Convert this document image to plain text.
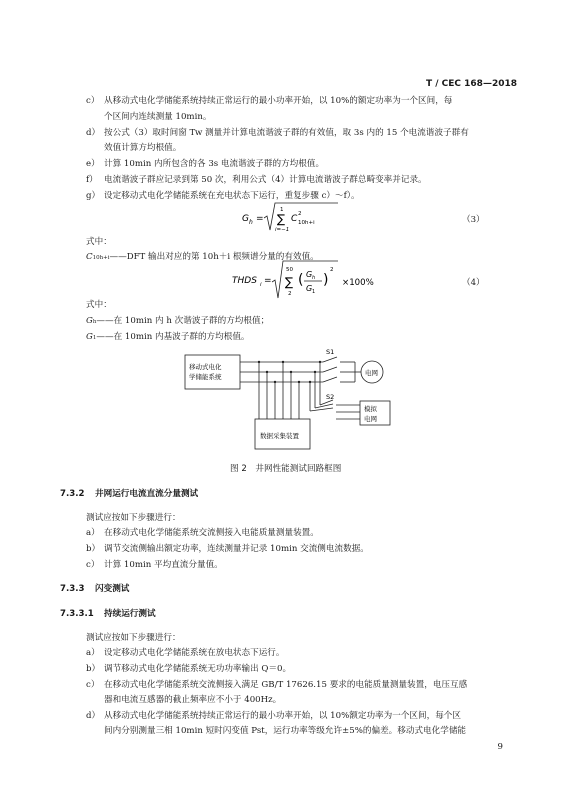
T / CEC 168—2018
c） 从移动式电化学储能系统持续正常运行的最小功率开始，以 10%的额定功率为一个区间，每
个区间内连续测量 10min。
d） 按公式（3）取时间窗 Tw 测量并计算电流谐波子群的有效值，取 3s 内的 15 个电流谐波子群有
效值计算方均根值。
e） 计算 10min 内所包含的各 3s 电流谐波子群的方均根值。
f） 电流谐波子群应记录到第 50 次，利用公式（4）计算电流谐波子群总畸变率并记录。
g） 设定移动式电化学储能系统在充电状态下运行，重复步骤 c）～f）。
G h =
1
∑
i=−1
C 2
10h+i	（3）
式中：
C10h+i——DFT 输出对应的第 10h＋i 根频谱分量的有效值。
THDS i =
50
∑
2
( G h
G 1
)
2
×100%	（4）
式中：
Gh——在 10min 内 h 次谐波子群的方均根值；
G1——在 10min 内基波子群的方均根值。
移动式电化
学储能系统
S1
S2
电网
模拟
电网
数据采集装置
图 2　井网性能测试回路框图
7.3.2 井网运行电流直流分量测试
测试应按如下步骤进行：
a） 在移动式电化学储能系统交流侧接入电能质量测量装置。
b） 调节交流侧输出额定功率，连续测量并记录 10min 交流侧电流数据。
c） 计算 10min 平均直流分量值。
7.3.3 闪变测试
7.3.3.1 持续运行测试
测试应按如下步骤进行：
a） 设定移动式电化学储能系统在放电状态下运行。
b） 调节移动式电化学储能系统无功功率输出 Q＝0。
c） 在移动式电化学储能系统交流侧接入满足 GB/T 17626.15 要求的电能质量测量装置，电压互感
器和电流互感器的截止频率应不小于 400Hz。
d） 从移动式电化学储能系统持续正常运行的最小功率开始，以 10%额定功率为一个区间，每个区
间内分别测量三相 10min 短时闪变值 Pst，运行功率等级允许±5%的偏差。移动式电化学储能
9
